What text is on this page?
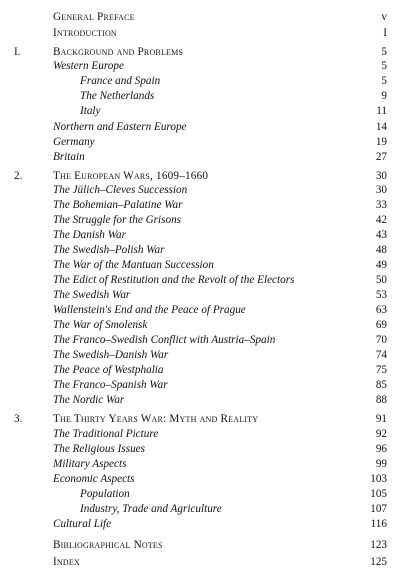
General Preface	v
Introduction	I
I.	Background and Problems	5
Western Europe	5
France and Spain	5
The Netherlands	9
Italy	11
Northern and Eastern Europe	14
Germany	19
Britain	27
2.	The European Wars, 1609–1660	30
The Jülich–Cleves Succession	30
The Bohemian–Palatine War	33
The Struggle for the Grisons	42
The Danish War	43
The Swedish–Polish War	48
The War of the Mantuan Succession	49
The Edict of Restitution and the Revolt of the Electors	50
The Swedish War	53
Wallenstein's End and the Peace of Prague	63
The War of Smolensk	69
The Franco–Swedish Conflict with Austria–Spain	70
The Swedish–Danish War	74
The Peace of Westphalia	75
The Franco–Spanish War	85
The Nordic War	88
3.	The Thirty Years War: Myth and Reality	91
The Traditional Picture	92
The Religious Issues	96
Military Aspects	99
Economic Aspects	103
Population	105
Industry, Trade and Agriculture	107
Cultural Life	116
Bibliographical Notes	123
Index	125
